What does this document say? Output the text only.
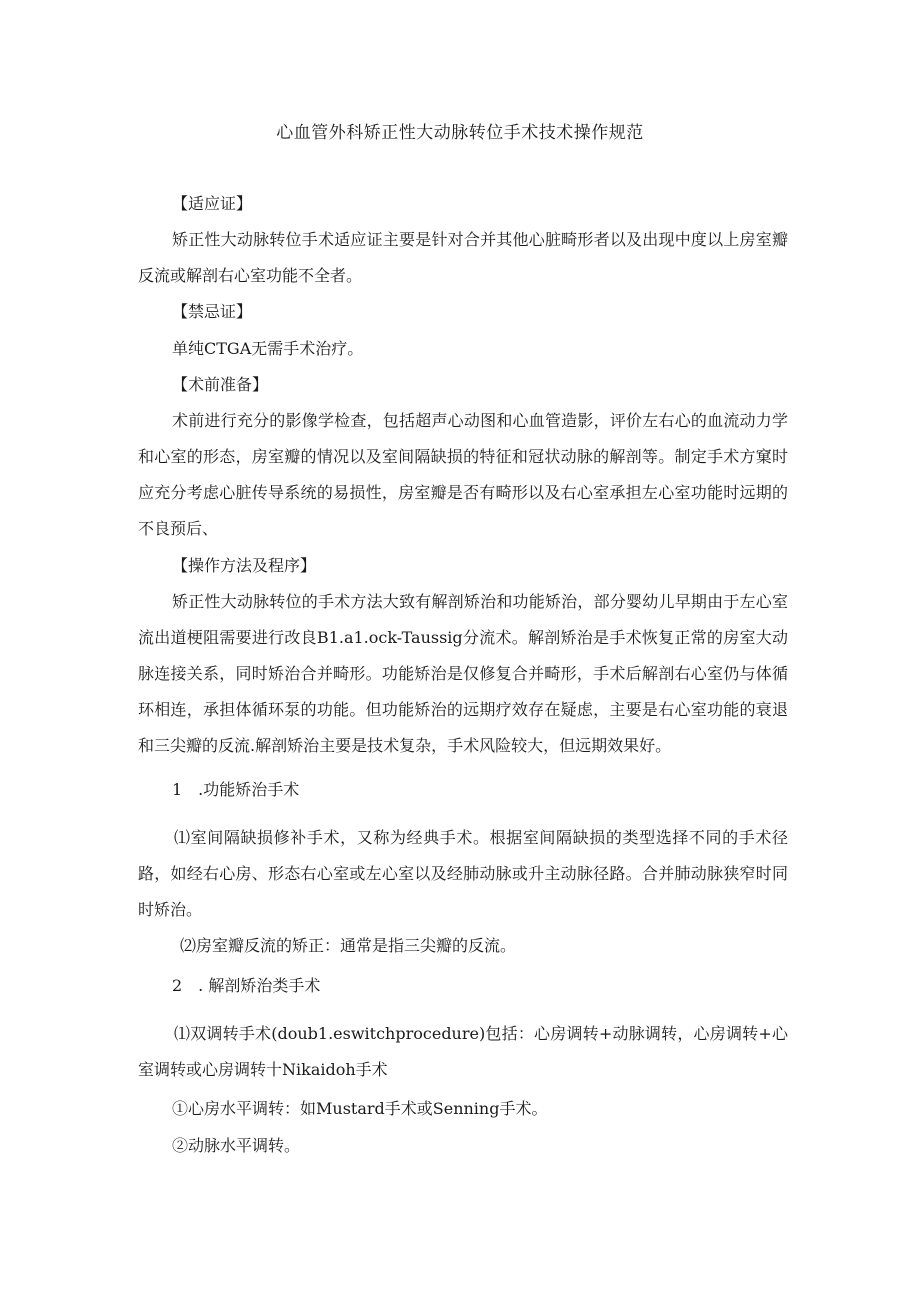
心血管外科矫正性大动脉转位手术技术操作规范
【适应证】
矫正性大动脉转位手术适应证主要是针对合并其他心脏畸形者以及出现中度以上房室瓣反流或解剖右心室功能不全者。
【禁忌证】
单纯CTGA无需手术治疗。
【术前准备】
术前进行充分的影像学检查，包括超声心动图和心血管造影，评价左右心的血流动力学和心室的形态，房室瓣的情况以及室间隔缺损的特征和冠状动脉的解剖等。制定手术方窠时应充分考虑心脏传导系统的易损性，房室瓣是否有畸形以及右心室承担左心室功能时远期的不良预后、
【操作方法及程序】
矫正性大动脉转位的手术方法大致有解剖矫治和功能矫治，部分婴幼儿早期由于左心室流出道梗阻需要进行改良B1.a1.ock-Taussig分流术。解剖矫治是手术恢复正常的房室大动脉连接关系，同时矫治合并畸形。功能矫治是仅修复合并畸形，手术后解剖右心室仍与体循环相连，承担体循环泵的功能。但功能矫治的远期疗效存在疑虑，主要是右心室功能的衰退和三尖瓣的反流.解剖矫治主要是技术复杂，手术风险较大，但远期效果好。
1　.功能矫治手术
⑴室间隔缺损修补手术，又称为经典手术。根据室间隔缺损的类型选择不同的手术径路，如经右心房、形态右心室或左心室以及经肺动脉或升主动脉径路。合并肺动脉狭窄时同时矫治。
⑵房室瓣反流的矫正：通常是指三尖瓣的反流。
2　. 解剖矫治类手术
⑴双调转手术(doub1.eswitchprocedure)包括：心房调转+动脉调转，心房调转+心室调转或心房调转十Nikaidoh手术
①心房水平调转：如Mustard手术或Senning手术。
②动脉水平调转。
